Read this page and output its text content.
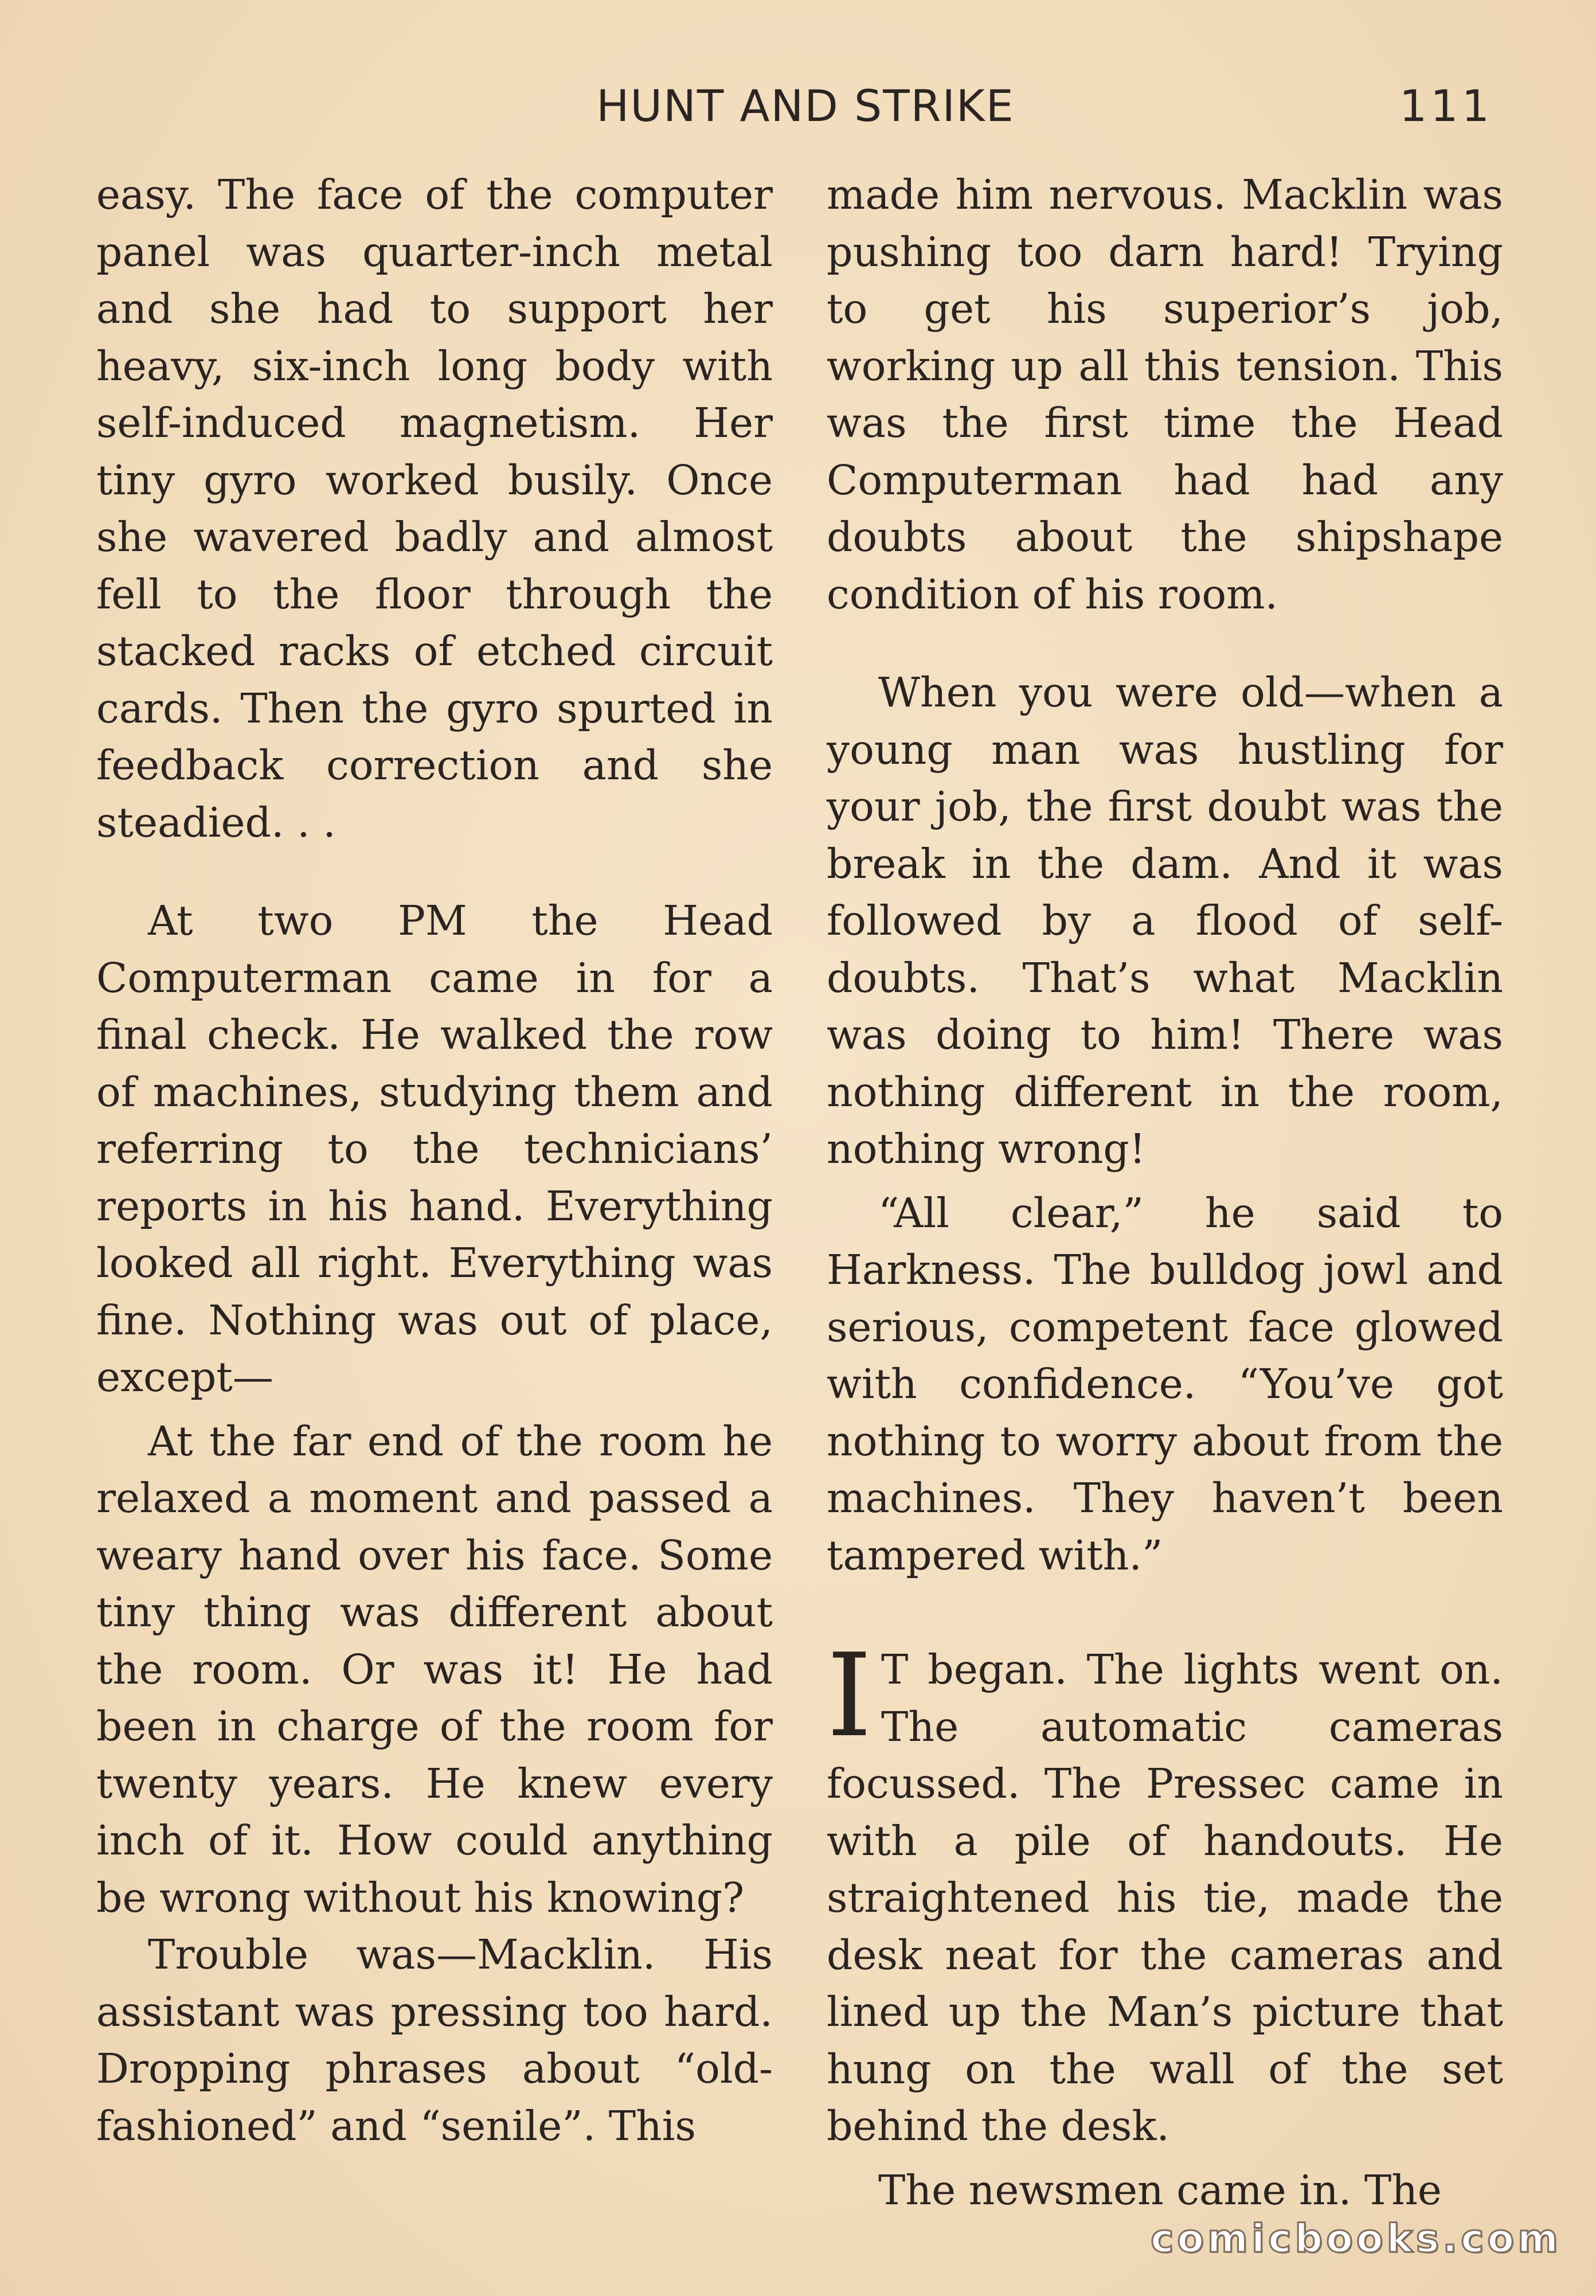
HUNT AND STRIKE	111

easy. The face of the computer panel was quarter-inch metal and she had to support her heavy, six-inch long body with self-induced magnetism. Her tiny gyro worked busily. Once she wavered badly and almost fell to the floor through the stacked racks of etched circuit cards. Then the gyro spurted in feedback correction and she steadied. . .

At two PM the Head Computerman came in for a final check. He walked the row of machines, studying them and referring to the technicians’ reports in his hand. Everything looked all right. Everything was fine. Nothing was out of place, except—

At the far end of the room he relaxed a moment and passed a weary hand over his face. Some tiny thing was different about the room. Or was it! He had been in charge of the room for twenty years. He knew every inch of it. How could anything be wrong without his knowing?

Trouble was—Macklin. His assistant was pressing too hard. Dropping phrases about “old-fashioned” and “senile”. This

made him nervous. Macklin was pushing too darn hard! Trying to get his superior’s job, working up all this tension. This was the first time the Head Computerman had had any doubts about the shipshape condition of his room.

When you were old—when a young man was hustling for your job, the first doubt was the break in the dam. And it was followed by a flood of self-doubts. That’s what Macklin was doing to him! There was nothing different in the room, nothing wrong!

“All clear,” he said to Harkness. The bulldog jowl and serious, competent face glowed with confidence. “You’ve got nothing to worry about from the machines. They haven’t been tampered with.”

IT began. The lights went on. The automatic cameras focussed. The Pressec came in with a pile of handouts. He straightened his tie, made the desk neat for the cameras and lined up the Man’s picture that hung on the wall of the set behind the desk.

The newsmen came in. The

comicbooks.com
